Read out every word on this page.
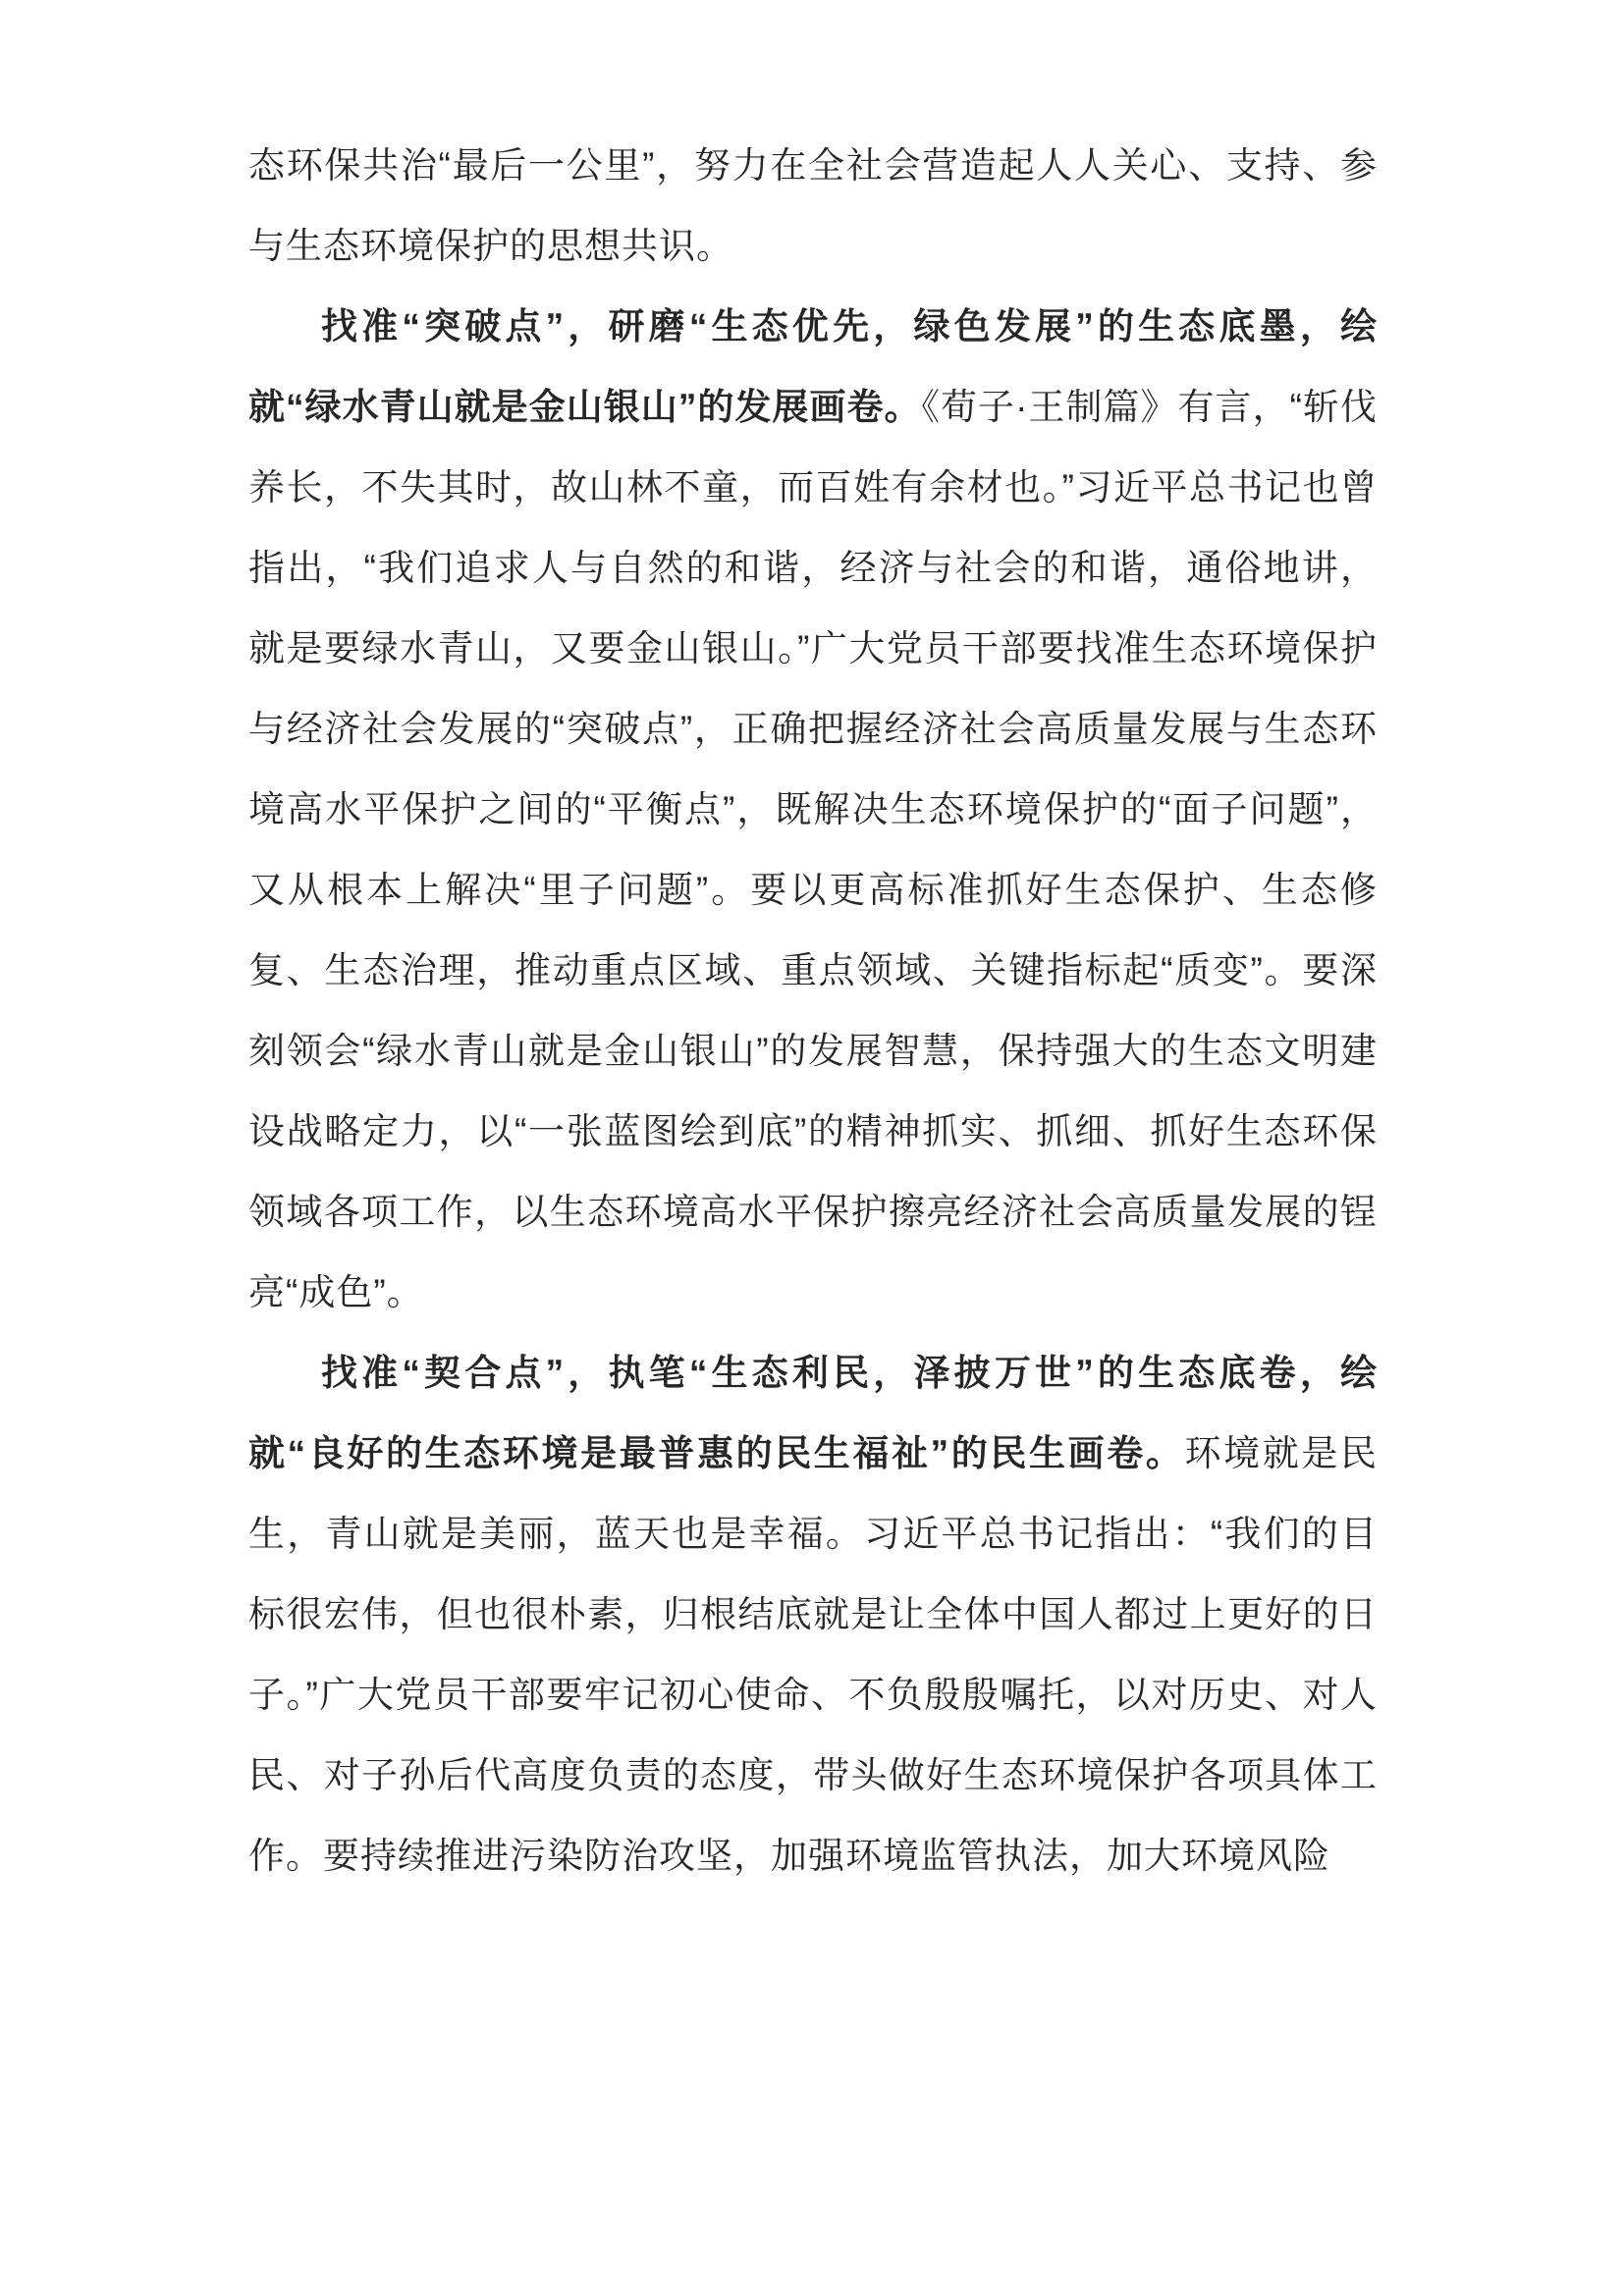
态环保共治“最后一公里”，努力在全社会营造起人人关心、支持、参与生态环境保护的思想共识。

找准“突破点”，研磨“生态优先，绿色发展”的生态底墨，绘就“绿水青山就是金山银山”的发展画卷。《荀子·王制篇》有言，“斩伐养长，不失其时，故山林不童，而百姓有余材也。”习近平总书记也曾指出，“我们追求人与自然的和谐，经济与社会的和谐，通俗地讲，就是要绿水青山，又要金山银山。”广大党员干部要找准生态环境保护与经济社会发展的“突破点”，正确把握经济社会高质量发展与生态环境高水平保护之间的“平衡点”，既解决生态环境保护的“面子问题”，又从根本上解决“里子问题”。要以更高标准抓好生态保护、生态修复、生态治理，推动重点区域、重点领域、关键指标起“质变”。要深刻领会“绿水青山就是金山银山”的发展智慧，保持强大的生态文明建设战略定力，以“一张蓝图绘到底”的精神抓实、抓细、抓好生态环保领域各项工作，以生态环境高水平保护擦亮经济社会高质量发展的锃亮“成色”。

找准“契合点”，执笔“生态利民，泽披万世”的生态底卷，绘就“良好的生态环境是最普惠的民生福祉”的民生画卷。环境就是民生，青山就是美丽，蓝天也是幸福。习近平总书记指出：“我们的目标很宏伟，但也很朴素，归根结底就是让全体中国人都过上更好的日子。”广大党员干部要牢记初心使命、不负殷殷嘱托，以对历史、对人民、对子孙后代高度负责的态度，带头做好生态环境保护各项具体工作。要持续推进污染防治攻坚，加强环境监管执法，加大环境风险
